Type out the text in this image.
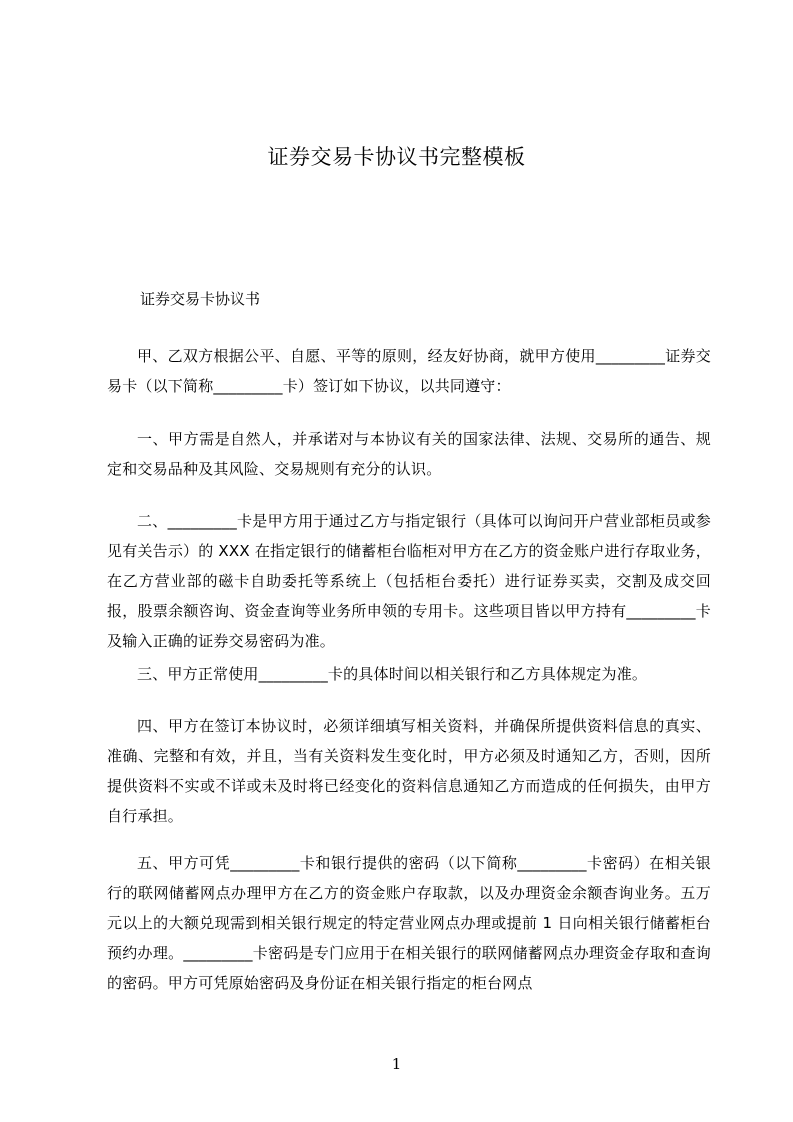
证券交易卡协议书完整模板
证券交易卡协议书

甲、乙双方根据公平、自愿、平等的原则，经友好协商，就甲方使用_________证券交易卡（以下简称_________卡）签订如下协议，以共同遵守：

一、甲方需是自然人，并承诺对与本协议有关的国家法律、法规、交易所的通告、规定和交易品种及其风险、交易规则有充分的认识。

二、_________卡是甲方用于通过乙方与指定银行（具体可以询问开户营业部柜员或参见有关告示）的 XXX 在指定银行的储蓄柜台临柜对甲方在乙方的资金账户进行存取业务，在乙方营业部的磁卡自助委托等系统上（包括柜台委托）进行证券买卖，交割及成交回报，股票余额咨询、资金查询等业务所申领的专用卡。这些项目皆以甲方持有_________卡及输入正确的证券交易密码为准。

三、甲方正常使用_________卡的具体时间以相关银行和乙方具体规定为准。

四、甲方在签订本协议时，必须详细填写相关资料，并确保所提供资料信息的真实、准确、完整和有效，并且，当有关资料发生变化时，甲方必须及时通知乙方，否则，因所提供资料不实或不详或未及时将已经变化的资料信息通知乙方而造成的任何损失，由甲方自行承担。

五、甲方可凭_________卡和银行提供的密码（以下简称_________卡密码）在相关银行的联网储蓄网点办理甲方在乙方的资金账户存取款，以及办理资金余额杳询业务。五万元以上的大额兑现需到相关银行规定的特定营业网点办理或提前 1 日向相关银行储蓄柜台预约办理。_________卡密码是专门应用于在相关银行的联网储蓄网点办理资金存取和查询的密码。甲方可凭原始密码及身份证在相关银行指定的柜台网点

1
